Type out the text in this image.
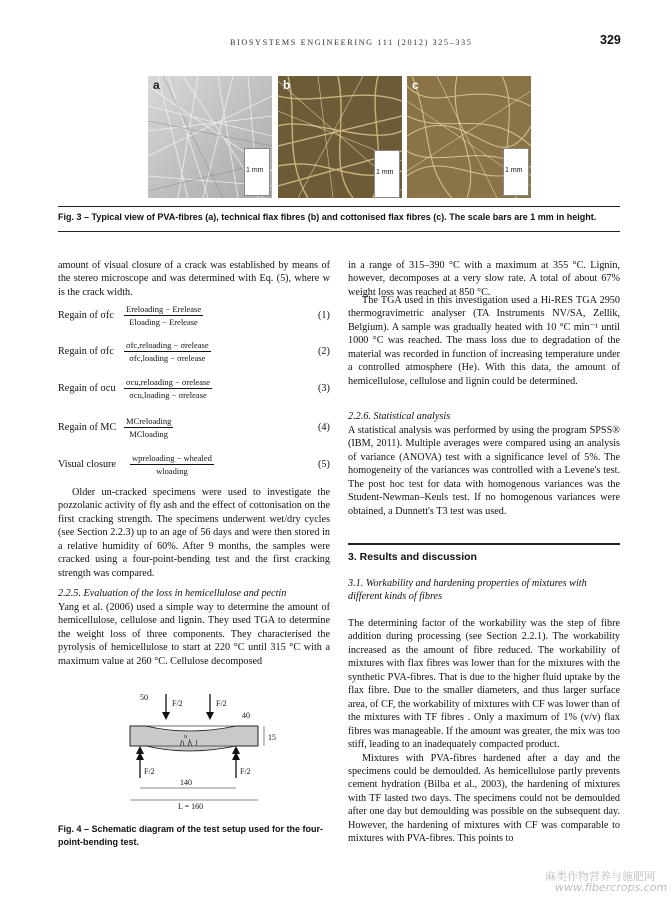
BIOSYSTEMS ENGINEERING 111 (2012) 325–335	329
a
1 mm
b	c
1 mm	1 mm
Fig. 3 – Typical view of PVA-fibres (a), technical flax fibres (b) and cottonised flax fibres (c). The scale bars are 1 mm in height.

amount of visual closure of a crack was established by means of the stereo microscope and was determined with Eq. (5), where w is the crack width.

Regain of σfc
Ereloading − Erelease
Eloading − Erelease
(1)
Regain of σfc
σfc,reloading − σrelease
σfc,loading − σrelease
(2)
Regain of σcu
σcu,reloading − σrelease
σcu,loading − σrelease
(3)
Regain of MC
MCreloading
MCloading
(4)
Visual closure
wpreloading − whealed
wloading
(5)

Older un-cracked specimens were used to investigate the pozzolanic activity of fly ash and the effect of cottonisation on the first cracking strength. The specimens underwent wet/dry cycles (see Section 2.2.3) up to an age of 56 days and were then stored in a relative humidity of 60%. After 9 months, the samples were cracked using a four-point-bending test and the first cracking strength was compared.

2.2.5. Evaluation of the loss in hemicellulose and pectin

Yang et al. (2006) used a simple way to determine the amount of hemicellulose, cellulose and lignin. They used TGA to determine the weight loss of three components. They characterised the pyrolysis of hemicellulose to start at 220 °C until 315 °C with a maximum value at 260 °C. Cellulose decomposed

F/2	F/2
50
40
u	15
F/2	F/2
140
L = 160
Fig. 4 – Schematic diagram of the test setup used for the four-point-bending test.

in a range of 315–390 °C with a maximum at 355 °C. Lignin, however, decomposes at a very slow rate. A total of about 67% weight loss was reached at 850 °C.

The TGA used in this investigation used a Hi-RES TGA 2950 thermogravimetric analyser (TA Instruments NV/SA, Zellik, Belgium). A sample was gradually heated with 10 °C min⁻¹ until 1000 °C was reached. The mass loss due to degradation of the material was recorded in function of increasing temperature under a controlled atmosphere (He). With this data, the amount of hemicellulose, cellulose and lignin could be determined.

2.2.6. Statistical analysis

A statistical analysis was performed by using the program SPSS® (IBM, 2011). Multiple averages were compared using an analysis of variance (ANOVA) test with a significance level of 5%. The homogeneity of the variances was controlled with a Levene's test. The post hoc test for data with homogenous variances was the Student-Newman–Keuls test. If no homogenous variances were obtained, a Dunnett's T3 test was used.

3. Results and discussion
3.1. Workability and hardening properties of mixtures with different kinds of fibres

The determining factor of the workability was the step of fibre addition during processing (see Section 2.2.1). The workability increased as the amount of fibre reduced. The workability of mixtures with flax fibres was lower than for the mixtures with the synthetic PVA-fibres. That is due to the higher fluid uptake by the flax fibre. Due to the smaller diameters, and thus larger surface area, of CF, the workability of mixtures with CF was lower than of the mixtures with TF fibres . Only a maximum of 1% (v/v) flax fibres was manageable. If the amount was greater, the mix was too stiff, leading to an inadequately compacted product.

Mixtures with PVA-fibres hardened after a day and the specimens could be demoulded. As hemicellulose partly prevents cement hydration (Bilba et al., 2003), the hardening of mixtures with TF lasted two days. The specimens could not be demoulded after one day but demoulding was possible on the subsequent day. However, the hardening of mixtures with CF was comparable to mixtures with PVA-fibres. This points to

麻类作物营养与施肥网
www.fibercrops.com
